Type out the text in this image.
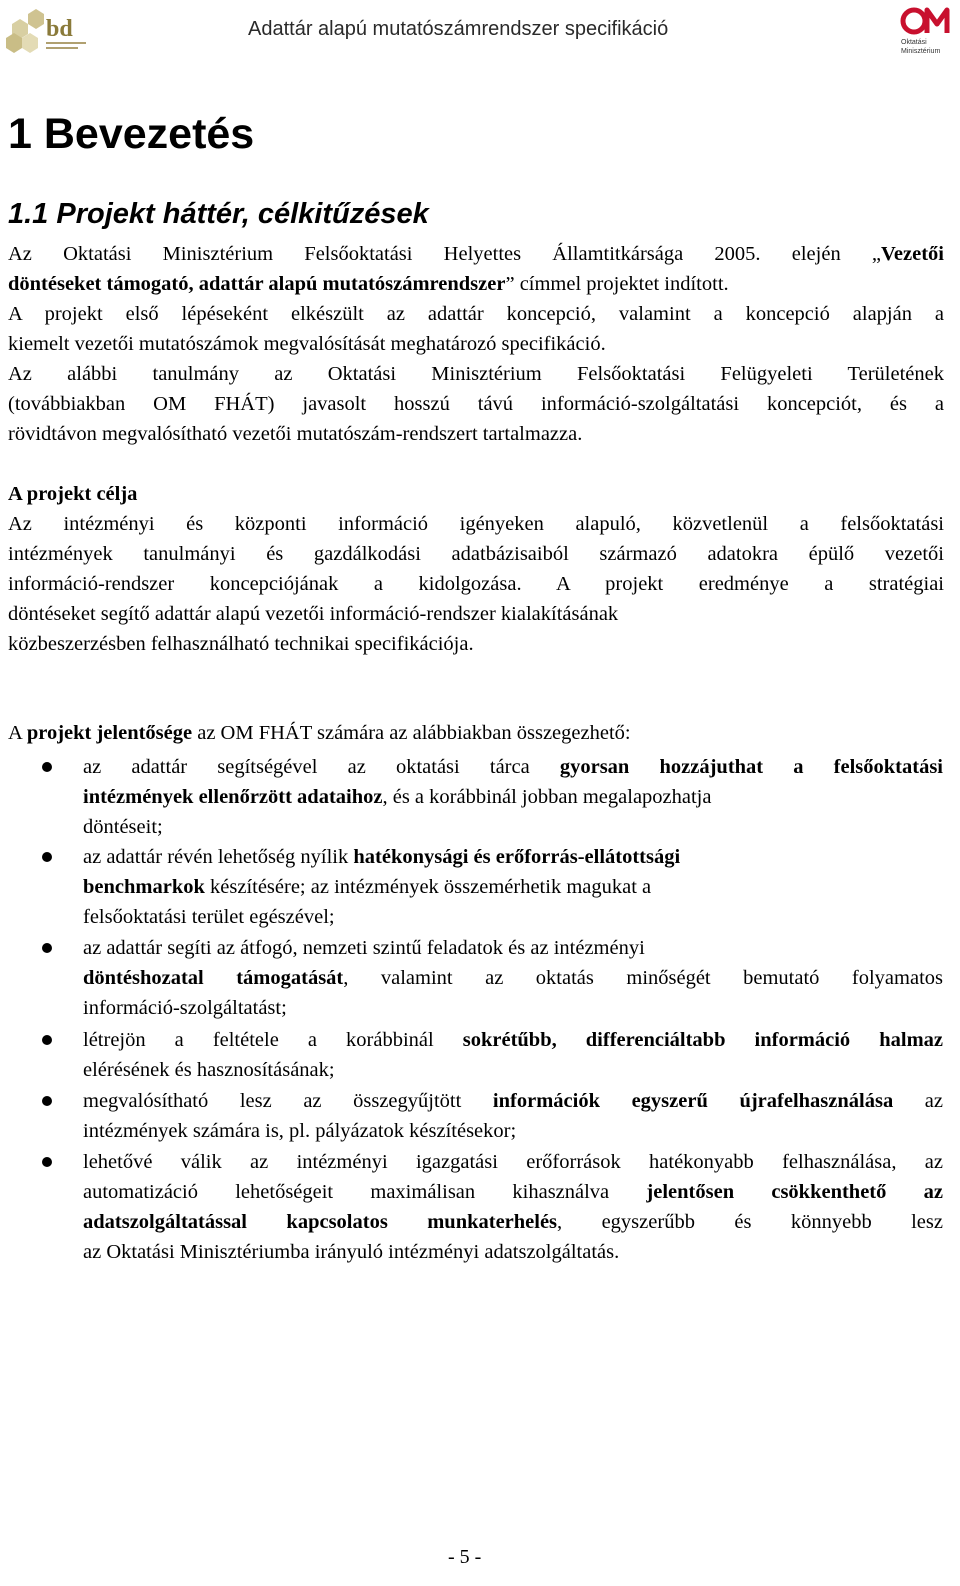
bd	Adattár alapú mutatószámrendszer specifikáció
Oktatási
Minisztérium
1 Bevezetés
1.1 Projekt háttér, célkitűzések
Az Oktatási Minisztérium Felsőoktatási Helyettes Államtitkársága 2005. elején „Vezetői
döntéseket támogató, adattár alapú mutatószámrendszer” címmel projektet indított.
A projekt első lépéseként elkészült az adattár koncepció, valamint a koncepció alapján a
kiemelt vezetői mutatószámok megvalósítását meghatározó specifikáció.
Az alábbi tanulmány az Oktatási Minisztérium Felsőoktatási Felügyeleti Területének
(továbbiakban OM FHÁT) javasolt hosszú távú információ-szolgáltatási koncepciót, és a
rövidtávon megvalósítható vezetői mutatószám-rendszert tartalmazza.
A projekt célja
Az intézményi és központi információ igényeken alapuló, közvetlenül a felsőoktatási
intézmények tanulmányi és gazdálkodási adatbázisaiból származó adatokra épülő vezetői
információ-rendszer koncepciójának a kidolgozása. A projekt eredménye a stratégiai
döntéseket segítő adattár alapú vezetői információ-rendszer kialakításának
közbeszerzésben felhasználható technikai specifikációja.
A projekt jelentősége az OM FHÁT számára az alábbiakban összegezhető:
az adattár segítségével az oktatási tárca gyorsan hozzájuthat a felsőoktatási
intézmények ellenőrzött adataihoz, és a korábbinál jobban megalapozhatja
döntéseit;
az adattár révén lehetőség nyílik hatékonysági és erőforrás-ellátottsági
benchmarkok készítésére; az intézmények összemérhetik magukat a
felsőoktatási terület egészével;
az adattár segíti az átfogó, nemzeti szintű feladatok és az intézményi
döntéshozatal támogatását, valamint az oktatás minőségét bemutató folyamatos
információ-szolgáltatást;
létrejön a feltétele a korábbinál sokrétűbb, differenciáltabb információ halmaz
elérésének és hasznosításának;
megvalósítható lesz az összegyűjtött információk egyszerű újrafelhasználása az
intézmények számára is, pl. pályázatok készítésekor;
lehetővé válik az intézményi igazgatási erőforrások hatékonyabb felhasználása, az
automatizáció lehetőségeit maximálisan kihasználva jelentősen csökkenthető az
adatszolgáltatással kapcsolatos munkaterhelés, egyszerűbb és könnyebb lesz
az Oktatási Minisztériumba irányuló intézményi adatszolgáltatás.
- 5 -
